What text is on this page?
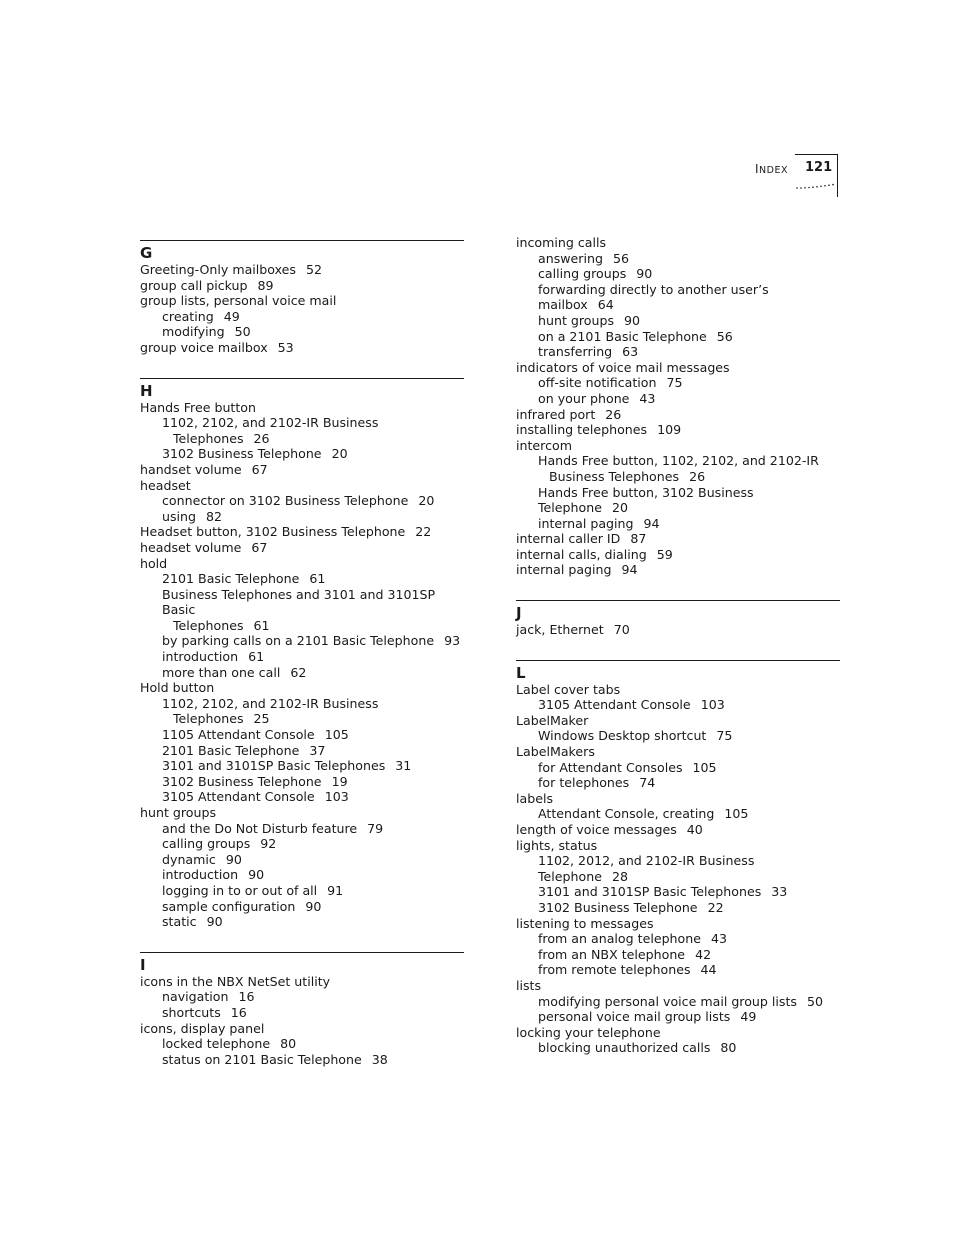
INDEX 121
G
Greeting-Only mailboxes 52
group call pickup 89
group lists, personal voice mail
creating 49
modifying 50
group voice mailbox 53
H
Hands Free button
1102, 2102, and 2102-IR Business
Telephones 26
3102 Business Telephone 20
handset volume 67
headset
connector on 3102 Business Telephone 20
using 82
Headset button, 3102 Business Telephone 22
headset volume 67
hold
2101 Basic Telephone 61
Business Telephones and 3101 and 3101SP Basic
Telephones 61
by parking calls on a 2101 Basic Telephone 93
introduction 61
more than one call 62
Hold button
1102, 2102, and 2102-IR Business
Telephones 25
1105 Attendant Console 105
2101 Basic Telephone 37
3101 and 3101SP Basic Telephones 31
3102 Business Telephone 19
3105 Attendant Console 103
hunt groups
and the Do Not Disturb feature 79
calling groups 92
dynamic 90
introduction 90
logging in to or out of all 91
sample configuration 90
static 90
I
icons in the NBX NetSet utility
navigation 16
shortcuts 16
icons, display panel
locked telephone 80
status on 2101 Basic Telephone 38
incoming calls
answering 56
calling groups 90
forwarding directly to another user’s mailbox 64
hunt groups 90
on a 2101 Basic Telephone 56
transferring 63
indicators of voice mail messages
off-site notification 75
on your phone 43
infrared port 26
installing telephones 109
intercom
Hands Free button, 1102, 2102, and 2102-IR
Business Telephones 26
Hands Free button, 3102 Business Telephone 20
internal paging 94
internal caller ID 87
internal calls, dialing 59
internal paging 94
J
jack, Ethernet 70
L
Label cover tabs
3105 Attendant Console 103
LabelMaker
Windows Desktop shortcut 75
LabelMakers
for Attendant Consoles 105
for telephones 74
labels
Attendant Console, creating 105
length of voice messages 40
lights, status
1102, 2012, and 2102-IR Business Telephone 28
3101 and 3101SP Basic Telephones 33
3102 Business Telephone 22
listening to messages
from an analog telephone 43
from an NBX telephone 42
from remote telephones 44
lists
modifying personal voice mail group lists 50
personal voice mail group lists 49
locking your telephone
blocking unauthorized calls 80
